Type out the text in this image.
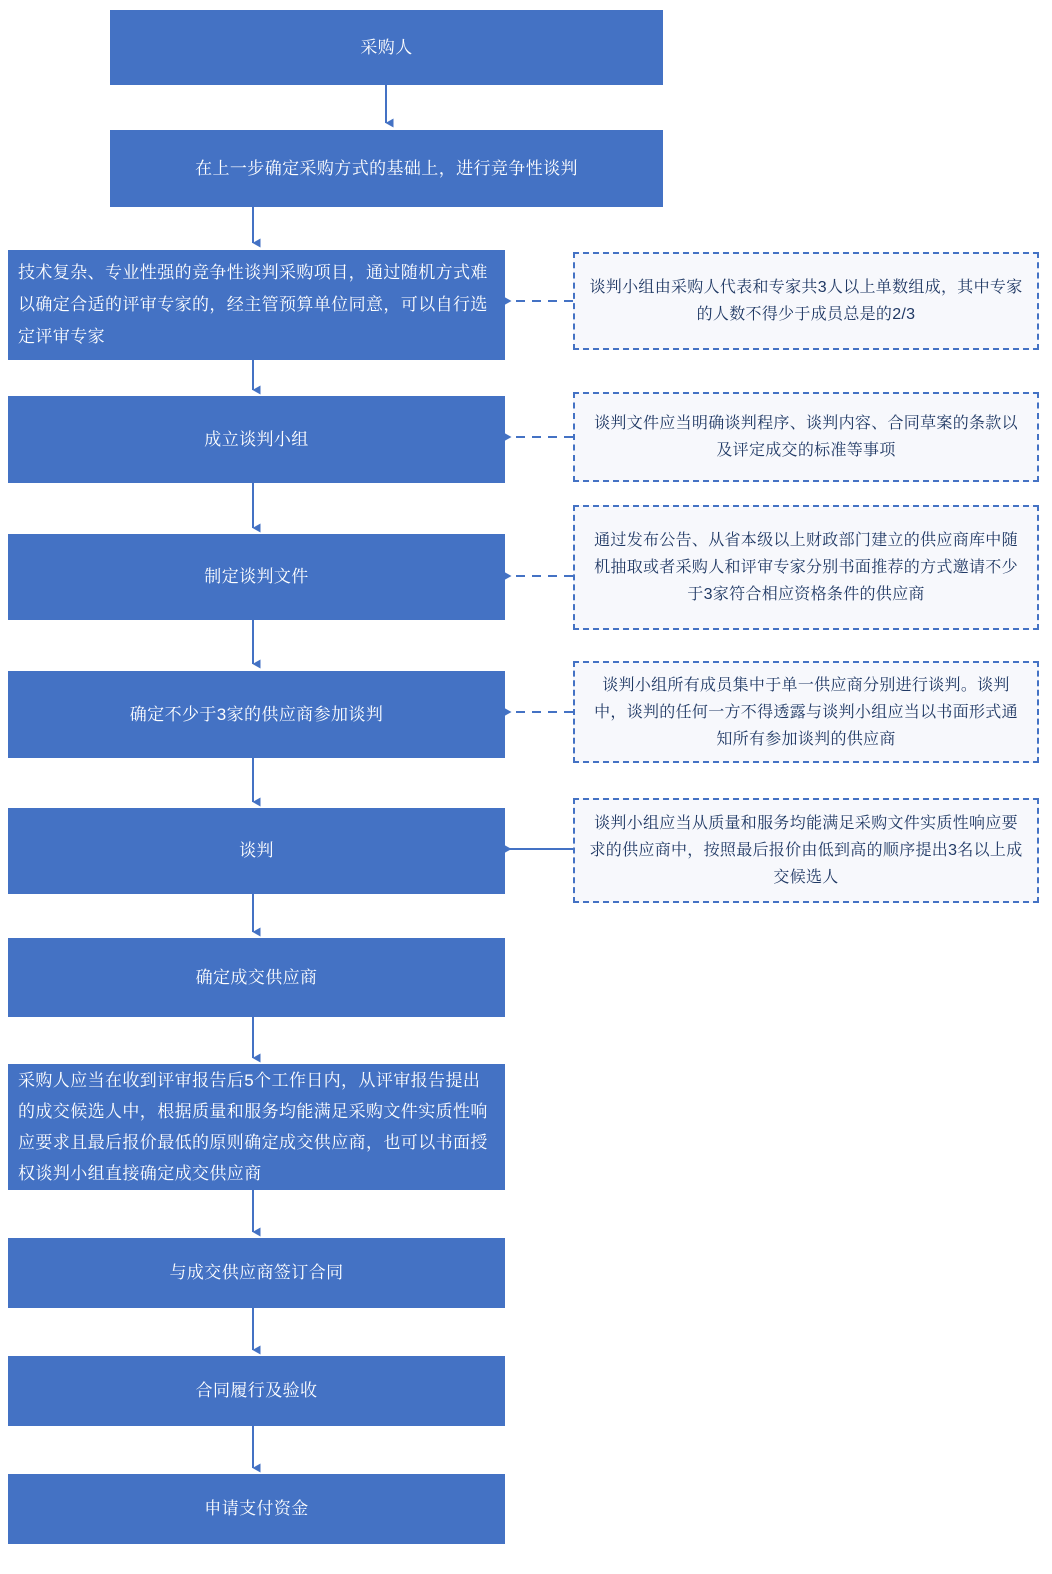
采购人
在上一步确定采购方式的基础上，进行竞争性谈判
技术复杂、专业性强的竞争性谈判采购项目，通过随机方式难以确定合适的评审专家的，经主管预算单位同意，可以自行选定评审专家
成立谈判小组
制定谈判文件
确定不少于3家的供应商参加谈判
谈判
确定成交供应商
采购人应当在收到评审报告后5个工作日内，从评审报告提出的成交候选人中，根据质量和服务均能满足采购文件实质性响应要求且最后报价最低的原则确定成交供应商，也可以书面授权谈判小组直接确定成交供应商
与成交供应商签订合同
合同履行及验收
申请支付资金
谈判小组由采购人代表和专家共3人以上单数组成，其中专家的人数不得少于成员总是的2/3
谈判文件应当明确谈判程序、谈判内容、合同草案的条款以及评定成交的标准等事项
通过发布公告、从省本级以上财政部门建立的供应商库中随机抽取或者采购人和评审专家分别书面推荐的方式邀请不少于3家符合相应资格条件的供应商
谈判小组所有成员集中于单一供应商分别进行谈判。谈判中，谈判的任何一方不得透露与谈判小组应当以书面形式通知所有参加谈判的供应商
谈判小组应当从质量和服务均能满足采购文件实质性响应要求的供应商中，按照最后报价由低到高的顺序提出3名以上成交候选人
